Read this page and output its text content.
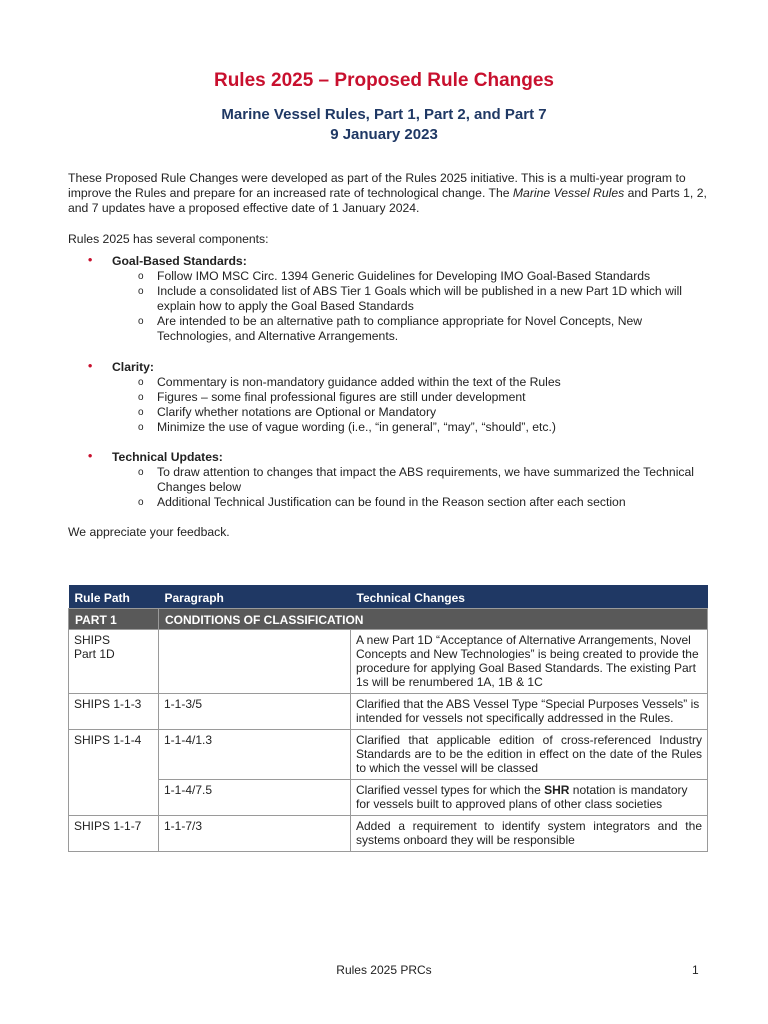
Rules 2025 – Proposed Rule Changes
Marine Vessel Rules, Part 1, Part 2, and Part 7
9 January 2023
These Proposed Rule Changes were developed as part of the Rules 2025 initiative. This is a multi-year program to improve the Rules and prepare for an increased rate of technological change. The Marine Vessel Rules and Parts 1, 2, and 7 updates have a proposed effective date of 1 January 2024.
Rules 2025 has several components:
• Goal-Based Standards:
o Follow IMO MSC Circ. 1394 Generic Guidelines for Developing IMO Goal-Based Standards
o Include a consolidated list of ABS Tier 1 Goals which will be published in a new Part 1D which will explain how to apply the Goal Based Standards
o Are intended to be an alternative path to compliance appropriate for Novel Concepts, New Technologies, and Alternative Arrangements.
• Clarity:
o Commentary is non-mandatory guidance added within the text of the Rules
o Figures – some final professional figures are still under development
o Clarify whether notations are Optional or Mandatory
o Minimize the use of vague wording (i.e., “in general”, “may”, “should”, etc.)
• Technical Updates:
o To draw attention to changes that impact the ABS requirements, we have summarized the Technical Changes below
o Additional Technical Justification can be found in the Reason section after each section
We appreciate your feedback.
Rule Path	Paragraph	Technical Changes
PART 1	CONDITIONS OF CLASSIFICATION	

SHIPS
Part 1D		A new Part 1D “Acceptance of Alternative Arrangements, Novel Concepts and New Technologies” is being created to provide the procedure for applying Goal Based Standards. The existing Part 1s will be renumbered 1A, 1B & 1C
SHIPS 1-1-3	1-1-3/5	Clarified that the ABS Vessel Type “Special Purposes Vessels” is intended for vessels not specifically addressed in the Rules.
SHIPS 1-1-4	1-1-4/1.3	Clarified that applicable edition of cross-referenced Industry Standards are to be the edition in effect on the date of the Rules to which the vessel will be classed
	1-1-4/7.5	Clarified vessel types for which the SHR notation is mandatory for vessels built to approved plans of other class societies
SHIPS 1-1-7	1-1-7/3	Added a requirement to identify system integrators and the systems onboard they will be responsible
Rules 2025 PRCs	1
